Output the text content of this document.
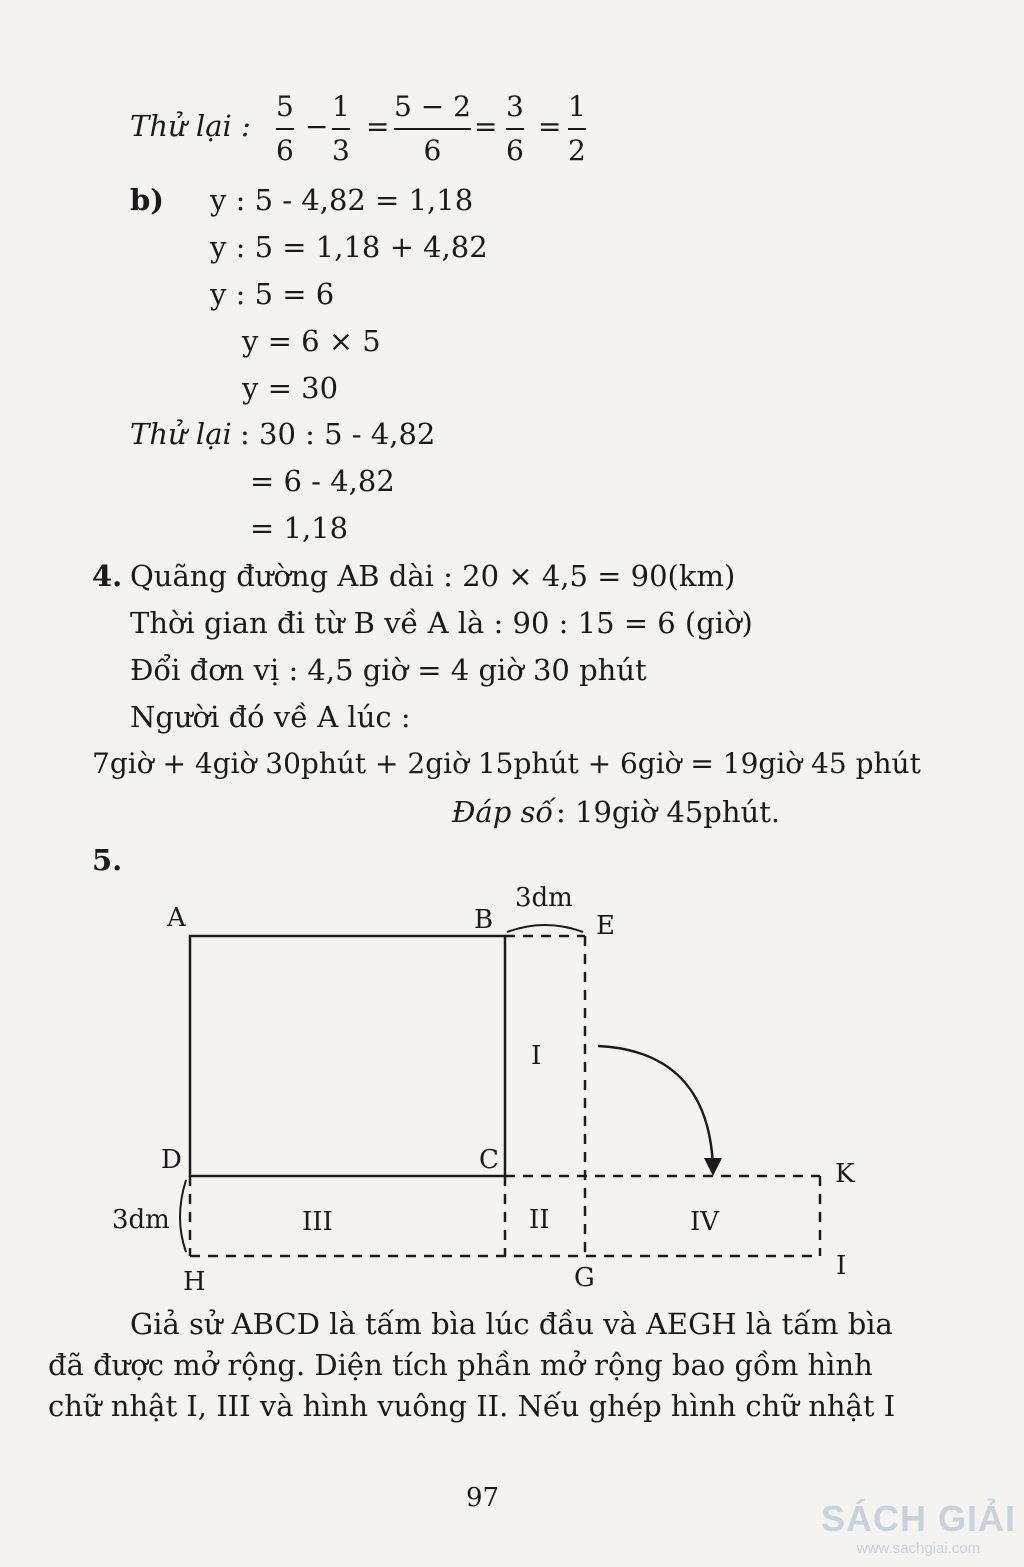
Thử lại :
5
6
−
1
3
=
5 − 2
6
=
3
6
=
1
2
b) y : 5 - 4,82 = 1,18
y : 5 = 1,18 + 4,82
y : 5 = 6
y = 6 × 5
y = 30
Thử lại : 30 : 5 - 4,82
= 6 - 4,82
= 1,18
4. Quãng đường AB dài : 20 × 4,5 = 90(km)
Thời gian đi từ B về A là : 90 : 15 = 6 (giờ)
Đổi đơn vị : 4,5 giờ = 4 giờ 30 phút
Người đó về A lúc :
7giờ + 4giờ 30phút + 2giờ 15phút + 6giờ = 19giờ 45 phút
Đáp số : 19giờ 45phút.
5.
A	B
3dm
E
I
D	C	K
3dm	III	II	IV
I
H	G
Giả sử ABCD là tấm bìa lúc đầu và AEGH là tấm bìa
đã được mở rộng. Diện tích phần mở rộng bao gồm hình
chữ nhật I, III và hình vuông II. Nếu ghép hình chữ nhật I
97	SÁCH GIẢI
www.sachgiai.com
